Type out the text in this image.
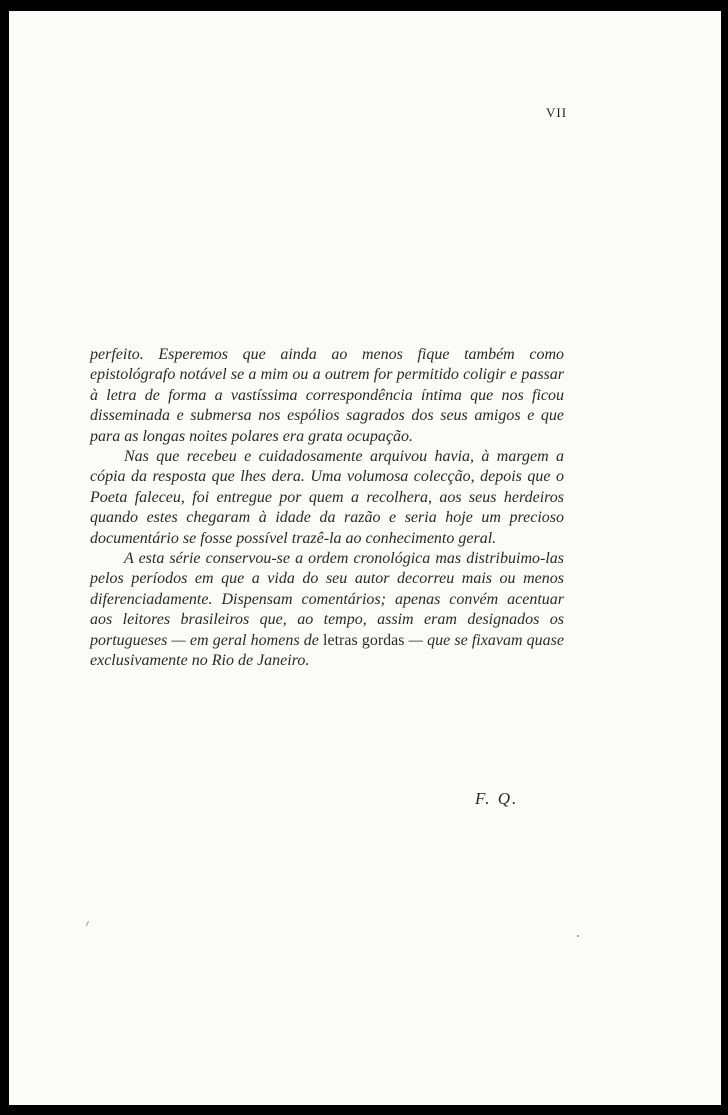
VII

perfeito. Esperemos que ainda ao menos fique também como epistológrafo notável se a mim ou a outrem for permitido coligir e passar à letra de forma a vastíssima correspondência íntima que nos ficou disseminada e submersa nos espólios sagrados dos seus amigos e que para as longas noites polares era grata ocupação.

Nas que recebeu e cuidadosamente arquivou havia, à margem a cópia da resposta que lhes dera. Uma volumosa colecção, depois que o Poeta faleceu, foi entregue por quem a recolhera, aos seus herdeiros quando estes chegaram à idade da razão e seria hoje um precioso documentário se fosse possível trazê-la ao conhecimento geral.

A esta série conservou-se a ordem cronológica mas distribuimo-las pelos períodos em que a vida do seu autor decorreu mais ou menos diferenciadamente. Dispensam comentários; apenas convém acentuar aos leitores brasileiros que, ao tempo, assim eram designados os portugueses — em geral homens de letras gordas — que se fixavam quase exclusivamente no Rio de Janeiro.

F. Q.
